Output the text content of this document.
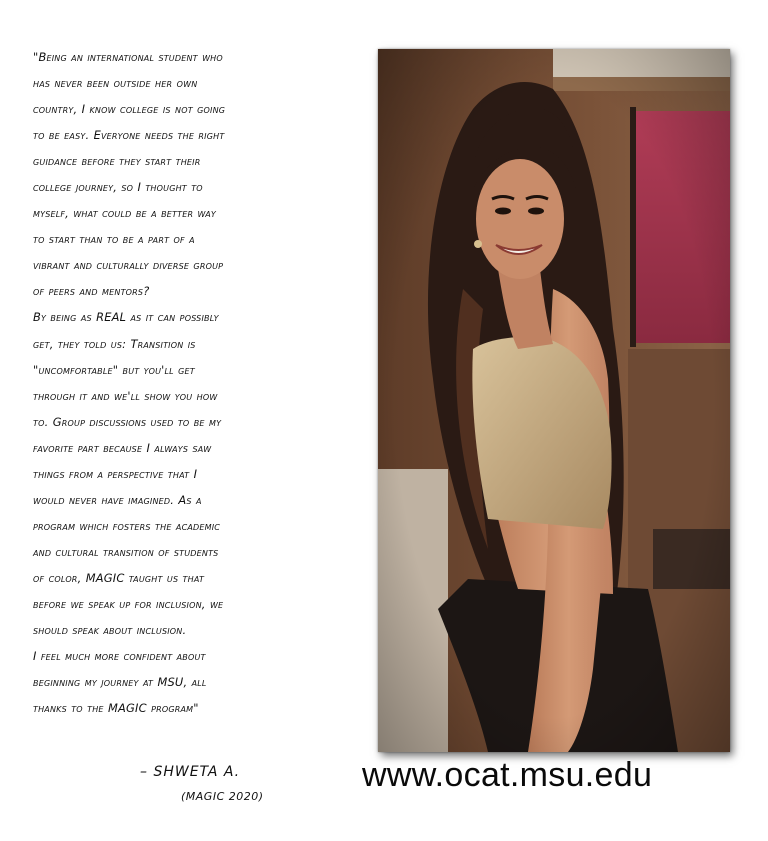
"Being an international student who
has never been outside her own
country, I know college is not going
to be easy. Everyone needs the right
guidance before they start their
college journey, so I thought to
myself, what could be a better way
to start than to be a part of a
vibrant and culturally diverse group
of peers and mentors?
By being as REAL as it can possibly
get, they told us: Transition is
"uncomfortable" but you'll get
through it and we'll show you how
to. Group discussions used to be my
favorite part because I always saw
things from a perspective that I
would never have imagined. As a
program which fosters the academic
and cultural transition of students
of color, MAGIC taught us that
before we speak up for inclusion, we
should speak about inclusion.
I feel much more confident about
beginning my journey at MSU, all
thanks to the MAGIC program"
– SHWETA A.
(MAGIC 2020)
www.ocat.msu.edu
